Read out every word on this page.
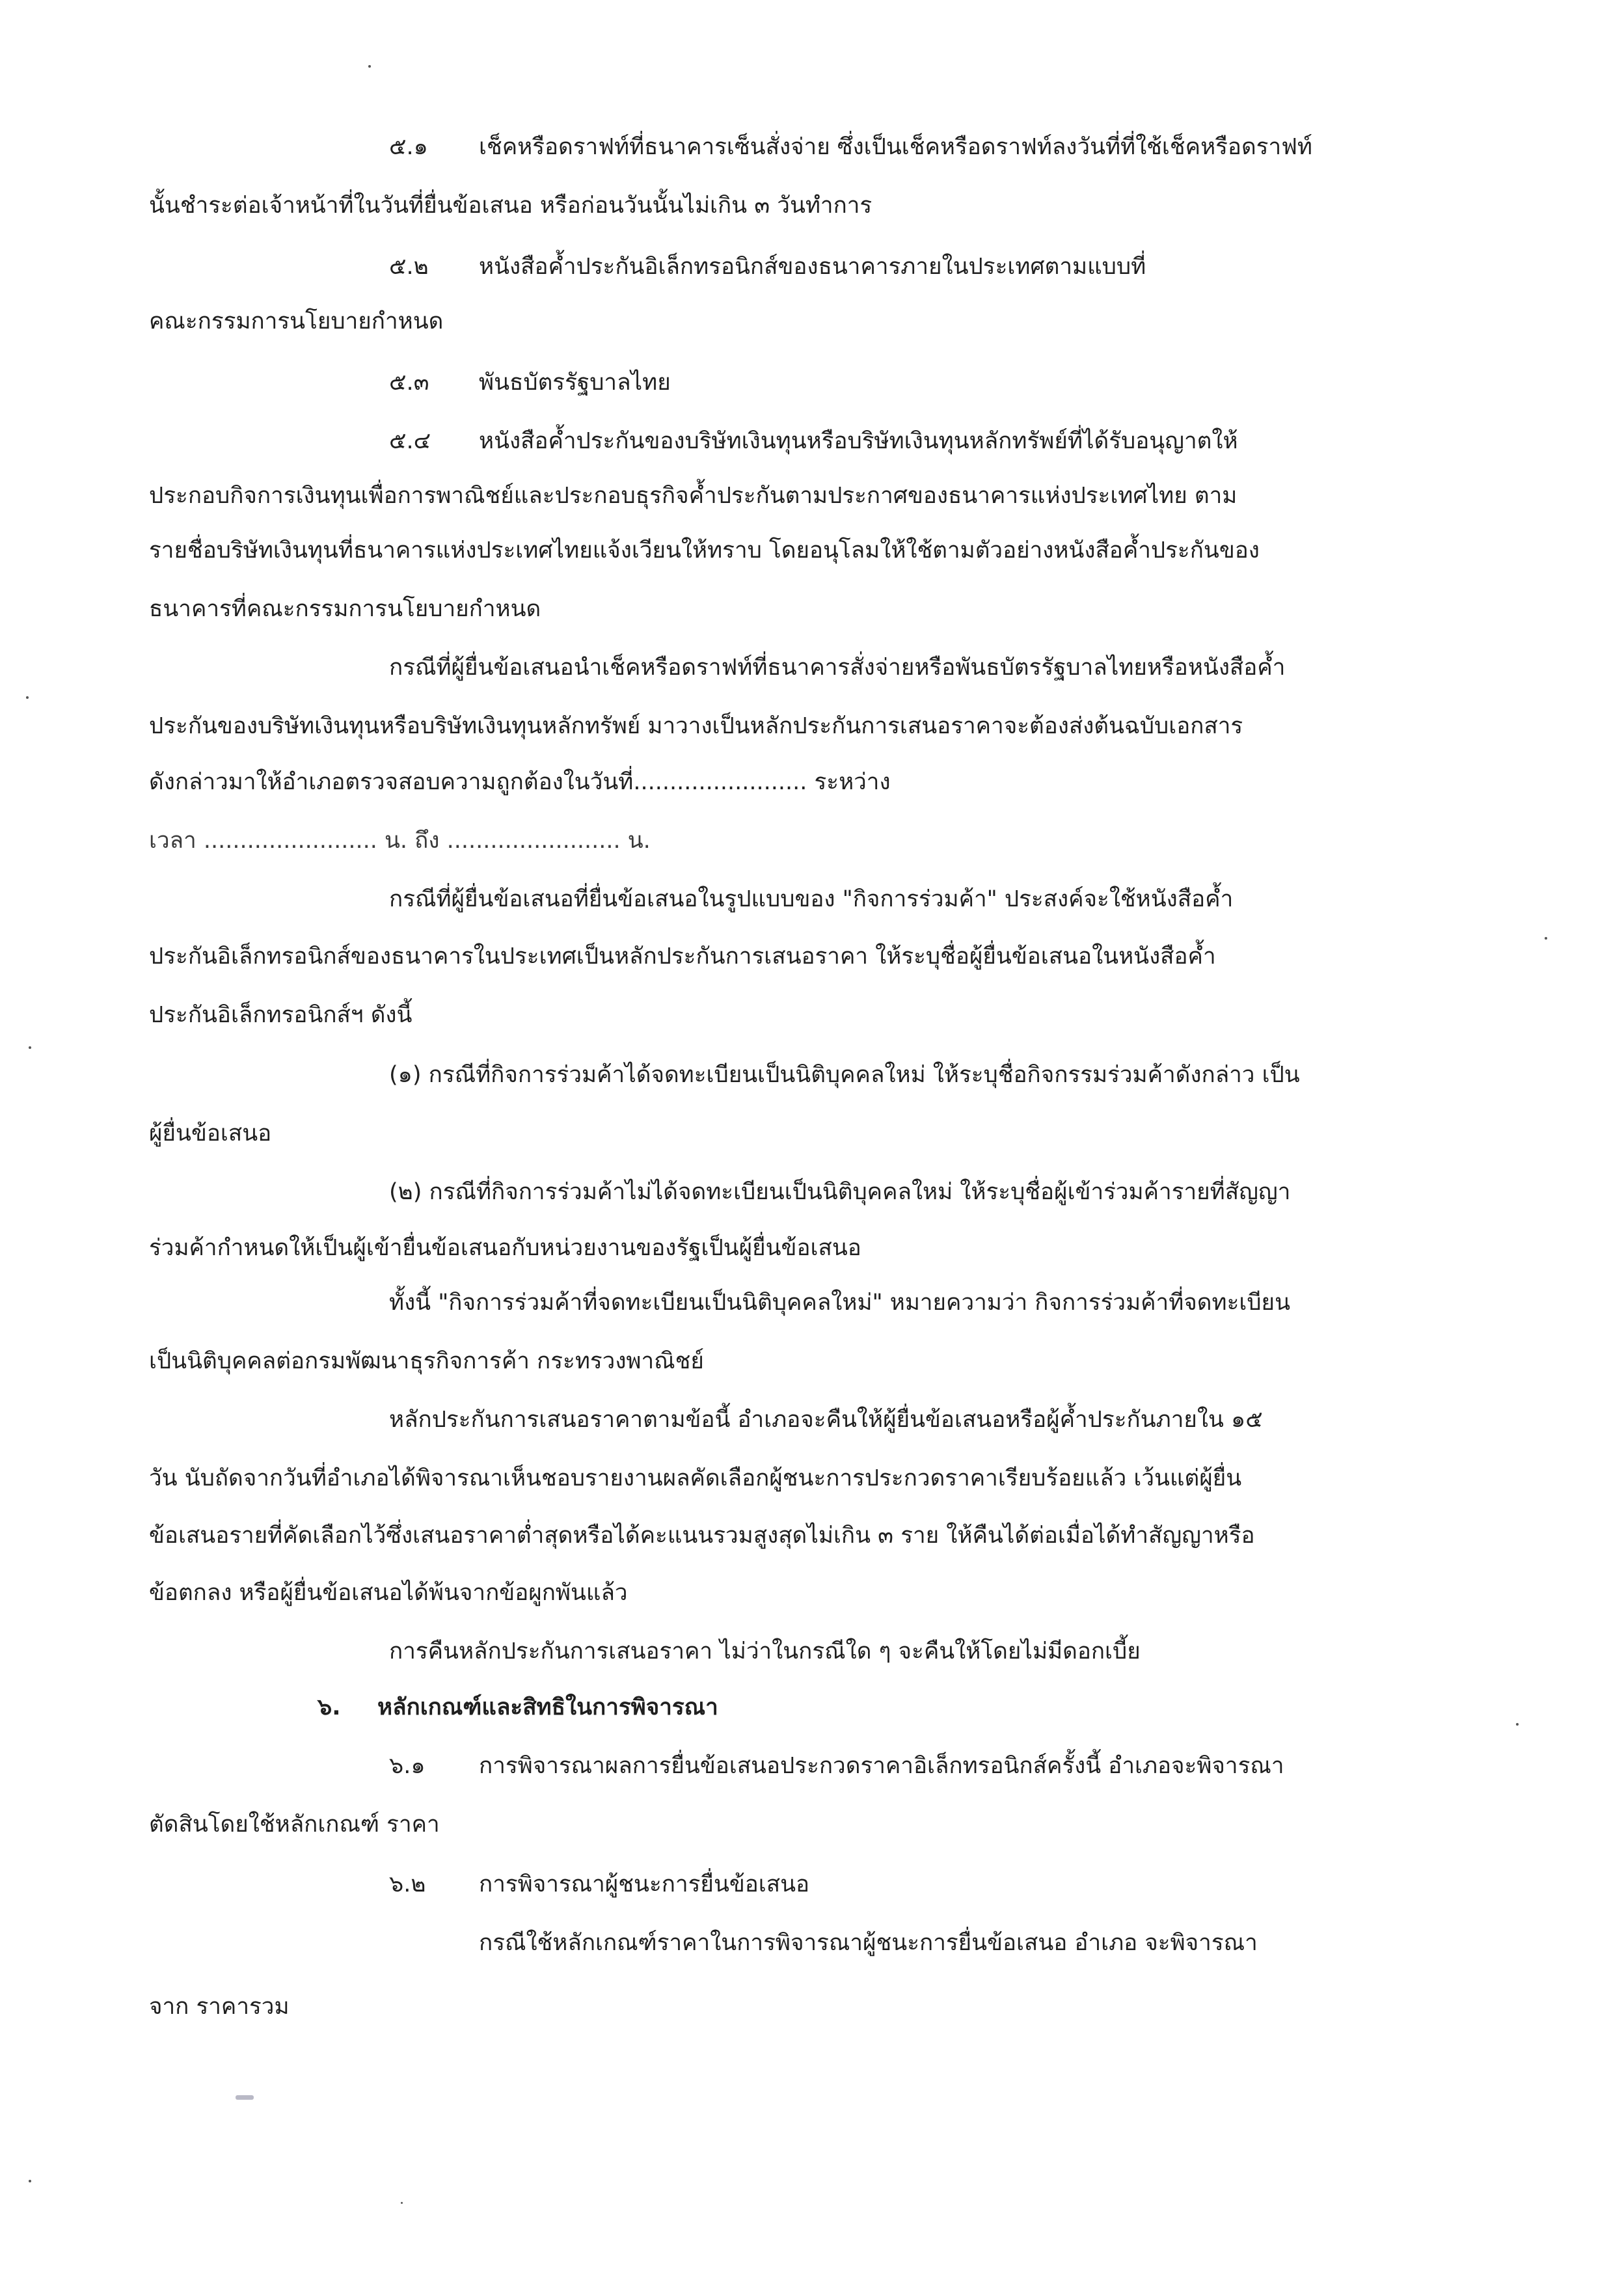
๕.๑ เช็คหรือดราฟท์ที่ธนาคารเซ็นสั่งจ่าย ซึ่งเป็นเช็คหรือดราฟท์ลงวันที่ที่ใช้เช็คหรือดราฟท์
นั้นชำระต่อเจ้าหน้าที่ในวันที่ยื่นข้อเสนอ หรือก่อนวันนั้นไม่เกิน ๓ วันทำการ
๕.๒ หนังสือค้ำประกันอิเล็กทรอนิกส์ของธนาคารภายในประเทศตามแบบที่
คณะกรรมการนโยบายกำหนด
๕.๓ พันธบัตรรัฐบาลไทย
๕.๔ หนังสือค้ำประกันของบริษัทเงินทุนหรือบริษัทเงินทุนหลักทรัพย์ที่ได้รับอนุญาตให้
ประกอบกิจการเงินทุนเพื่อการพาณิชย์และประกอบธุรกิจค้ำประกันตามประกาศของธนาคารแห่งประเทศไทย ตาม
รายชื่อบริษัทเงินทุนที่ธนาคารแห่งประเทศไทยแจ้งเวียนให้ทราบ โดยอนุโลมให้ใช้ตามตัวอย่างหนังสือค้ำประกันของ
ธนาคารที่คณะกรรมการนโยบายกำหนด
กรณีที่ผู้ยื่นข้อเสนอนำเช็คหรือดราฟท์ที่ธนาคารสั่งจ่ายหรือพันธบัตรรัฐบาลไทยหรือหนังสือค้ำ
ประกันของบริษัทเงินทุนหรือบริษัทเงินทุนหลักทรัพย์ มาวางเป็นหลักประกันการเสนอราคาจะต้องส่งต้นฉบับเอกสาร
ดังกล่าวมาให้อำเภอตรวจสอบความถูกต้องในวันที่........................ ระหว่าง
เวลา ........................ น. ถึง ........................ น.
กรณีที่ผู้ยื่นข้อเสนอที่ยื่นข้อเสนอในรูปแบบของ "กิจการร่วมค้า" ประสงค์จะใช้หนังสือค้ำ
ประกันอิเล็กทรอนิกส์ของธนาคารในประเทศเป็นหลักประกันการเสนอราคา ให้ระบุชื่อผู้ยื่นข้อเสนอในหนังสือค้ำ
ประกันอิเล็กทรอนิกส์ฯ ดังนี้
(๑) กรณีที่กิจการร่วมค้าได้จดทะเบียนเป็นนิติบุคคลใหม่ ให้ระบุชื่อกิจกรรมร่วมค้าดังกล่าว เป็น
ผู้ยื่นข้อเสนอ
(๒) กรณีที่กิจการร่วมค้าไม่ได้จดทะเบียนเป็นนิติบุคคลใหม่ ให้ระบุชื่อผู้เข้าร่วมค้ารายที่สัญญา
ร่วมค้ากำหนดให้เป็นผู้เข้ายื่นข้อเสนอกับหน่วยงานของรัฐเป็นผู้ยื่นข้อเสนอ
ทั้งนี้ "กิจการร่วมค้าที่จดทะเบียนเป็นนิติบุคคลใหม่" หมายความว่า กิจการร่วมค้าที่จดทะเบียน
เป็นนิติบุคคลต่อกรมพัฒนาธุรกิจการค้า กระทรวงพาณิชย์
หลักประกันการเสนอราคาตามข้อนี้ อำเภอจะคืนให้ผู้ยื่นข้อเสนอหรือผู้ค้ำประกันภายใน ๑๕
วัน นับถัดจากวันที่อำเภอได้พิจารณาเห็นชอบรายงานผลคัดเลือกผู้ชนะการประกวดราคาเรียบร้อยแล้ว เว้นแต่ผู้ยื่น
ข้อเสนอรายที่คัดเลือกไว้ซึ่งเสนอราคาต่ำสุดหรือได้คะแนนรวมสูงสุดไม่เกิน ๓ ราย ให้คืนได้ต่อเมื่อได้ทำสัญญาหรือ
ข้อตกลง หรือผู้ยื่นข้อเสนอได้พ้นจากข้อผูกพันแล้ว
การคืนหลักประกันการเสนอราคา ไม่ว่าในกรณีใด ๆ จะคืนให้โดยไม่มีดอกเบี้ย
๖. หลักเกณฑ์และสิทธิในการพิจารณา
๖.๑ การพิจารณาผลการยื่นข้อเสนอประกวดราคาอิเล็กทรอนิกส์ครั้งนี้ อำเภอจะพิจารณา
ตัดสินโดยใช้หลักเกณฑ์ ราคา
๖.๒ การพิจารณาผู้ชนะการยื่นข้อเสนอ
กรณีใช้หลักเกณฑ์ราคาในการพิจารณาผู้ชนะการยื่นข้อเสนอ อำเภอ จะพิจารณา
จาก ราคารวม
